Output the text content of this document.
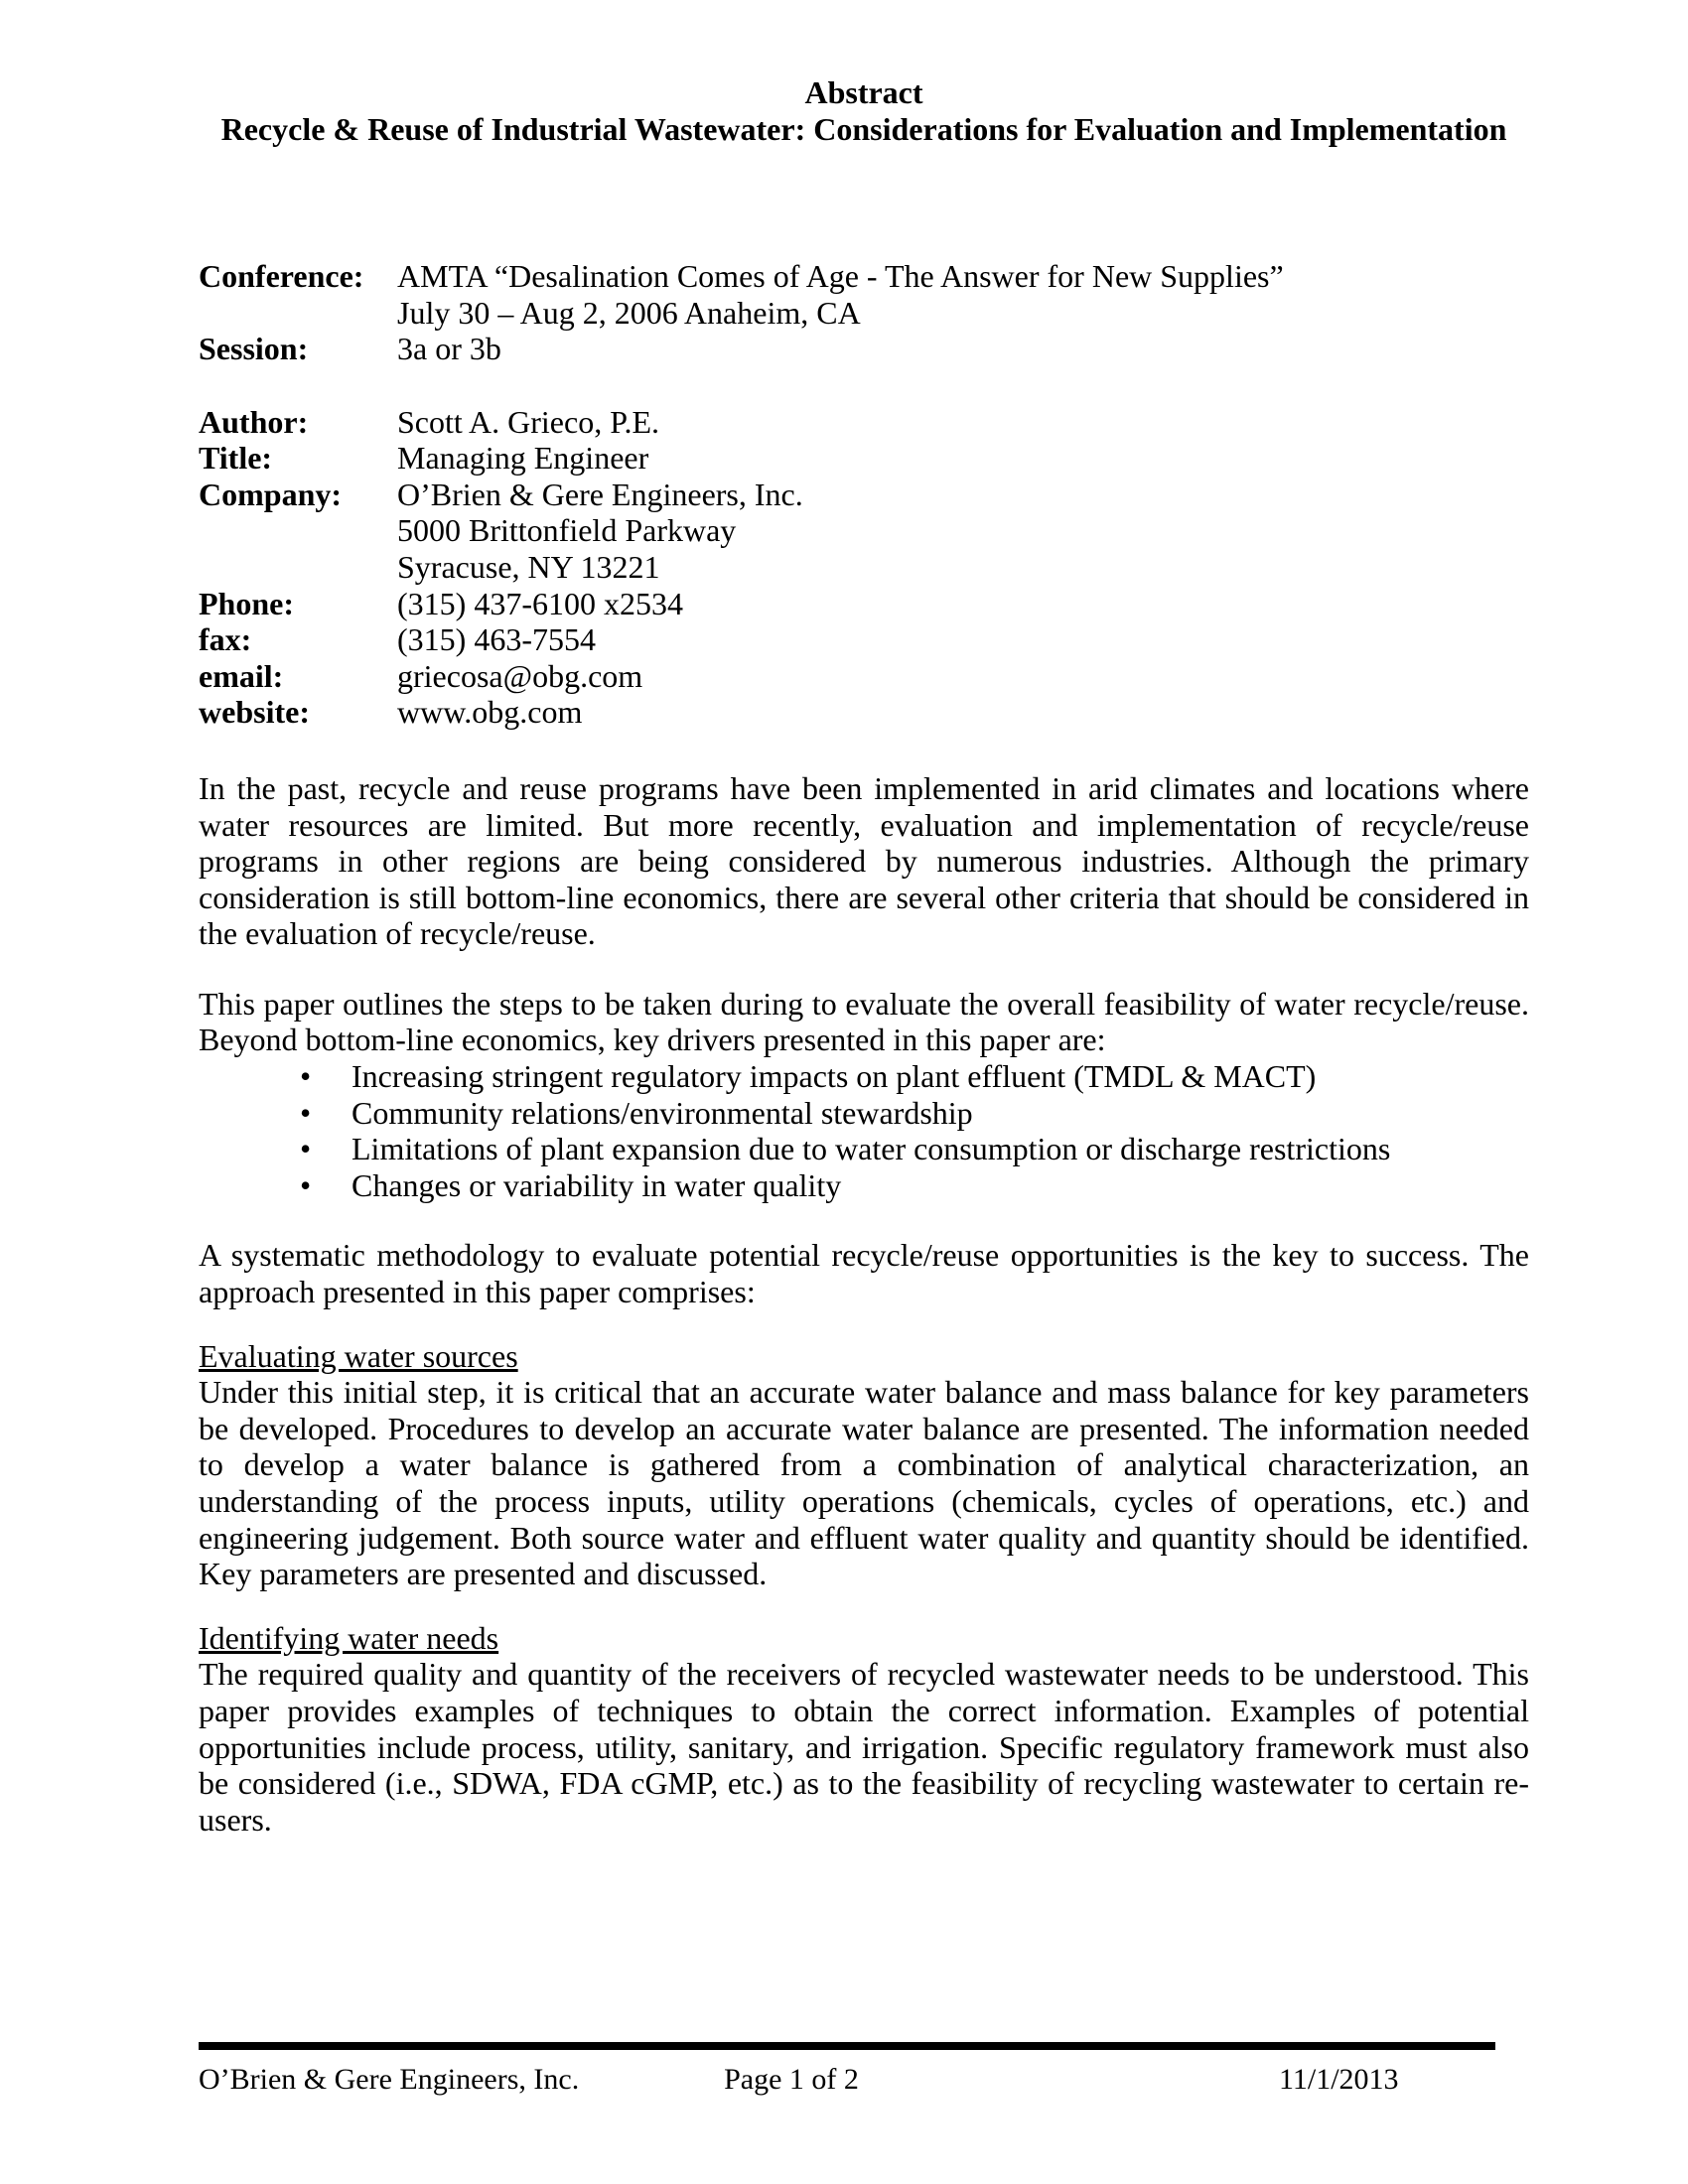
Abstract
Recycle & Reuse of Industrial Wastewater: Considerations for Evaluation and Implementation
Conference:	AMTA “Desalination Comes of Age - The Answer for New Supplies”
July 30 – Aug 2, 2006 Anaheim, CA
Session:	3a or 3b
Author:	Scott A. Grieco, P.E.
Title:	Managing Engineer
Company:	O’Brien & Gere Engineers, Inc.
5000 Brittonfield Parkway
Syracuse, NY 13221
Phone:	(315) 437-6100 x2534
fax:	(315) 463-7554
email:	griecosa@obg.com
website:	www.obg.com
In the past, recycle and reuse programs have been implemented in arid climates and locations where water resources are limited. But more recently, evaluation and implementation of recycle/reuse programs in other regions are being considered by numerous industries. Although the primary consideration is still bottom-line economics, there are several other criteria that should be considered in the evaluation of recycle/reuse.
This paper outlines the steps to be taken during to evaluate the overall feasibility of water recycle/reuse. Beyond bottom-line economics, key drivers presented in this paper are:
• Increasing stringent regulatory impacts on plant effluent (TMDL & MACT)
• Community relations/environmental stewardship
• Limitations of plant expansion due to water consumption or discharge restrictions
• Changes or variability in water quality
A systematic methodology to evaluate potential recycle/reuse opportunities is the key to success. The approach presented in this paper comprises:
Evaluating water sources
Under this initial step, it is critical that an accurate water balance and mass balance for key parameters be developed. Procedures to develop an accurate water balance are presented. The information needed to develop a water balance is gathered from a combination of analytical characterization, an understanding of the process inputs, utility operations (chemicals, cycles of operations, etc.) and engineering judgement. Both source water and effluent water quality and quantity should be identified. Key parameters are presented and discussed.
Identifying water needs
The required quality and quantity of the receivers of recycled wastewater needs to be understood. This paper provides examples of techniques to obtain the correct information. Examples of potential opportunities include process, utility, sanitary, and irrigation. Specific regulatory framework must also be considered (i.e., SDWA, FDA cGMP, etc.) as to the feasibility of recycling wastewater to certain re-users.
O’Brien & Gere Engineers, Inc.	Page 1 of 2	11/1/2013
